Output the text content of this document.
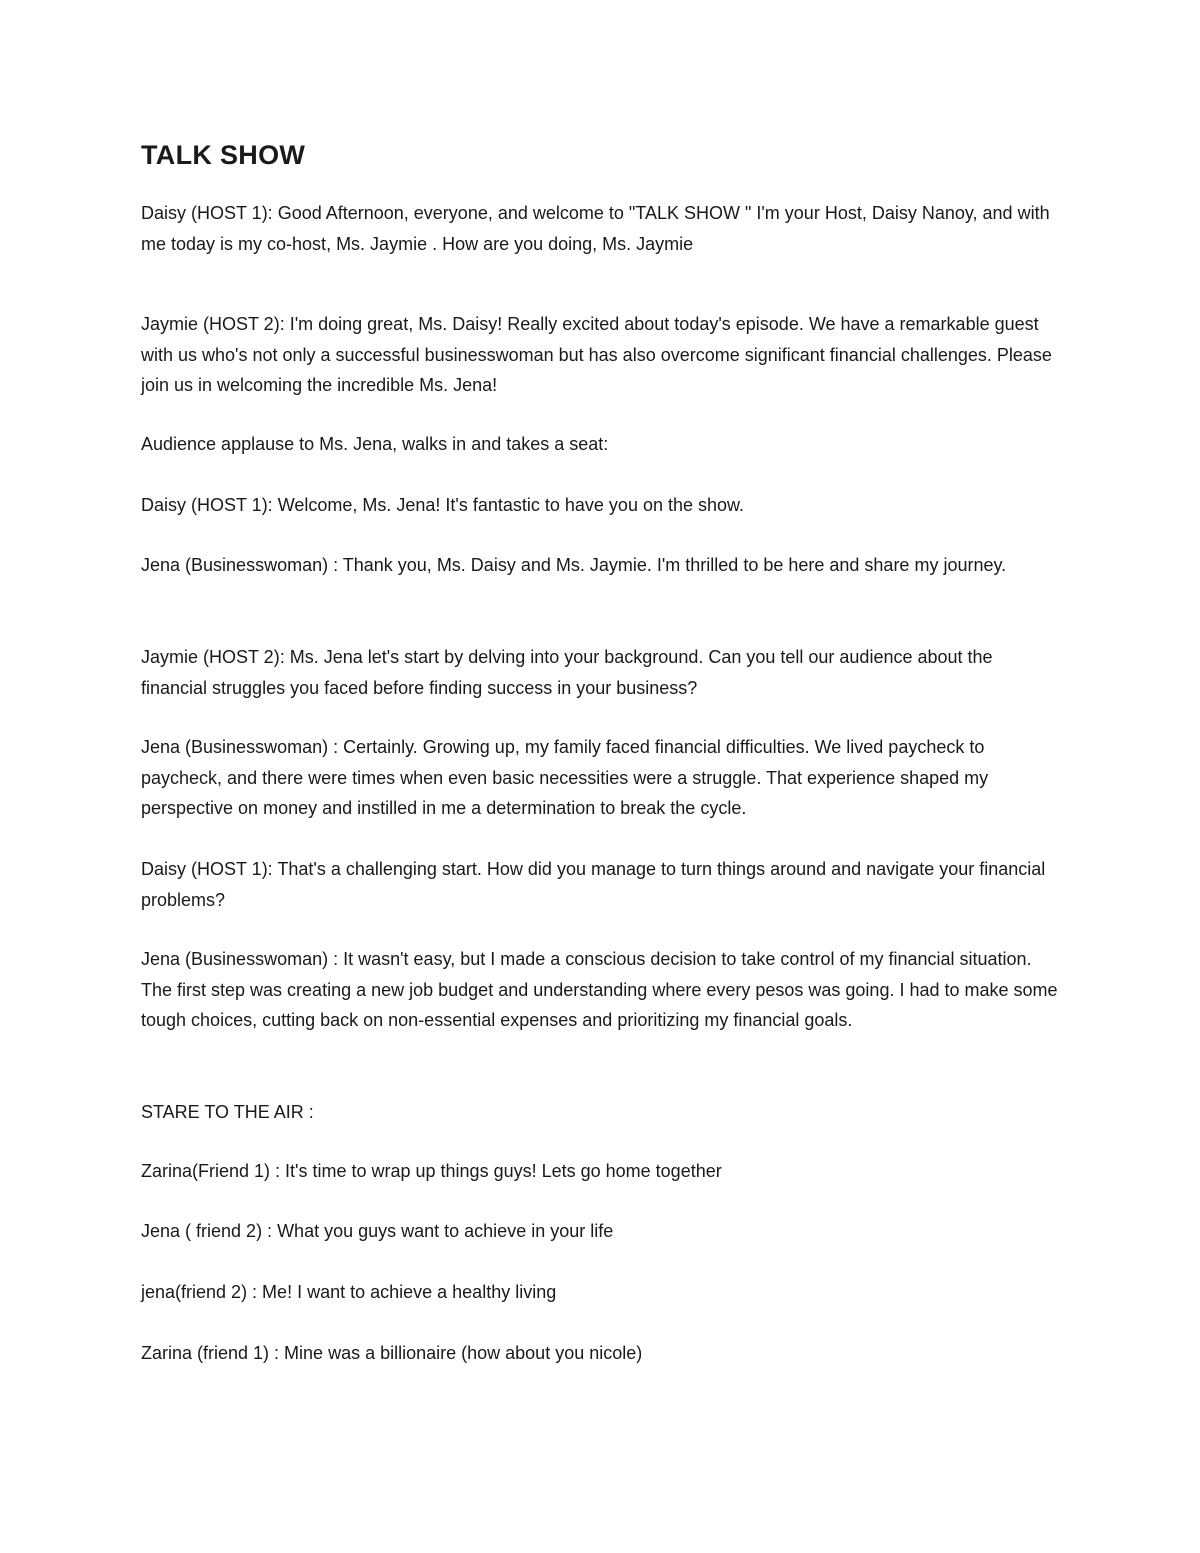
TALK SHOW

Daisy (HOST 1): Good Afternoon, everyone, and welcome to "TALK SHOW " I'm your Host, Daisy Nanoy, and with me today is my co-host, Ms. Jaymie . How are you doing, Ms. Jaymie

Jaymie (HOST 2): I'm doing great, Ms. Daisy! Really excited about today's episode. We have a remarkable guest with us who's not only a successful businesswoman but has also overcome significant financial challenges. Please join us in welcoming the incredible Ms. Jena!

Audience applause to Ms. Jena, walks in and takes a seat:

Daisy (HOST 1): Welcome, Ms. Jena! It's fantastic to have you on the show.

Jena (Businesswoman) : Thank you, Ms. Daisy and Ms. Jaymie. I'm thrilled to be here and share my journey.

Jaymie (HOST 2): Ms. Jena let's start by delving into your background. Can you tell our audience about the financial struggles you faced before finding success in your business?

Jena (Businesswoman) : Certainly. Growing up, my family faced financial difficulties. We lived paycheck to paycheck, and there were times when even basic necessities were a struggle. That experience shaped my perspective on money and instilled in me a determination to break the cycle.

Daisy (HOST 1): That's a challenging start. How did you manage to turn things around and navigate your financial problems?

Jena (Businesswoman) : It wasn't easy, but I made a conscious decision to take control of my financial situation. The first step was creating a new job budget and understanding where every pesos was going. I had to make some tough choices, cutting back on non-essential expenses and prioritizing my financial goals.

STARE TO THE AIR :

Zarina(Friend 1) : It's time to wrap up things guys! Lets go home together

Jena ( friend 2) : What you guys want to achieve in your life

jena(friend 2) : Me! I want to achieve a healthy living

Zarina (friend 1) : Mine was a billionaire (how about you nicole)
